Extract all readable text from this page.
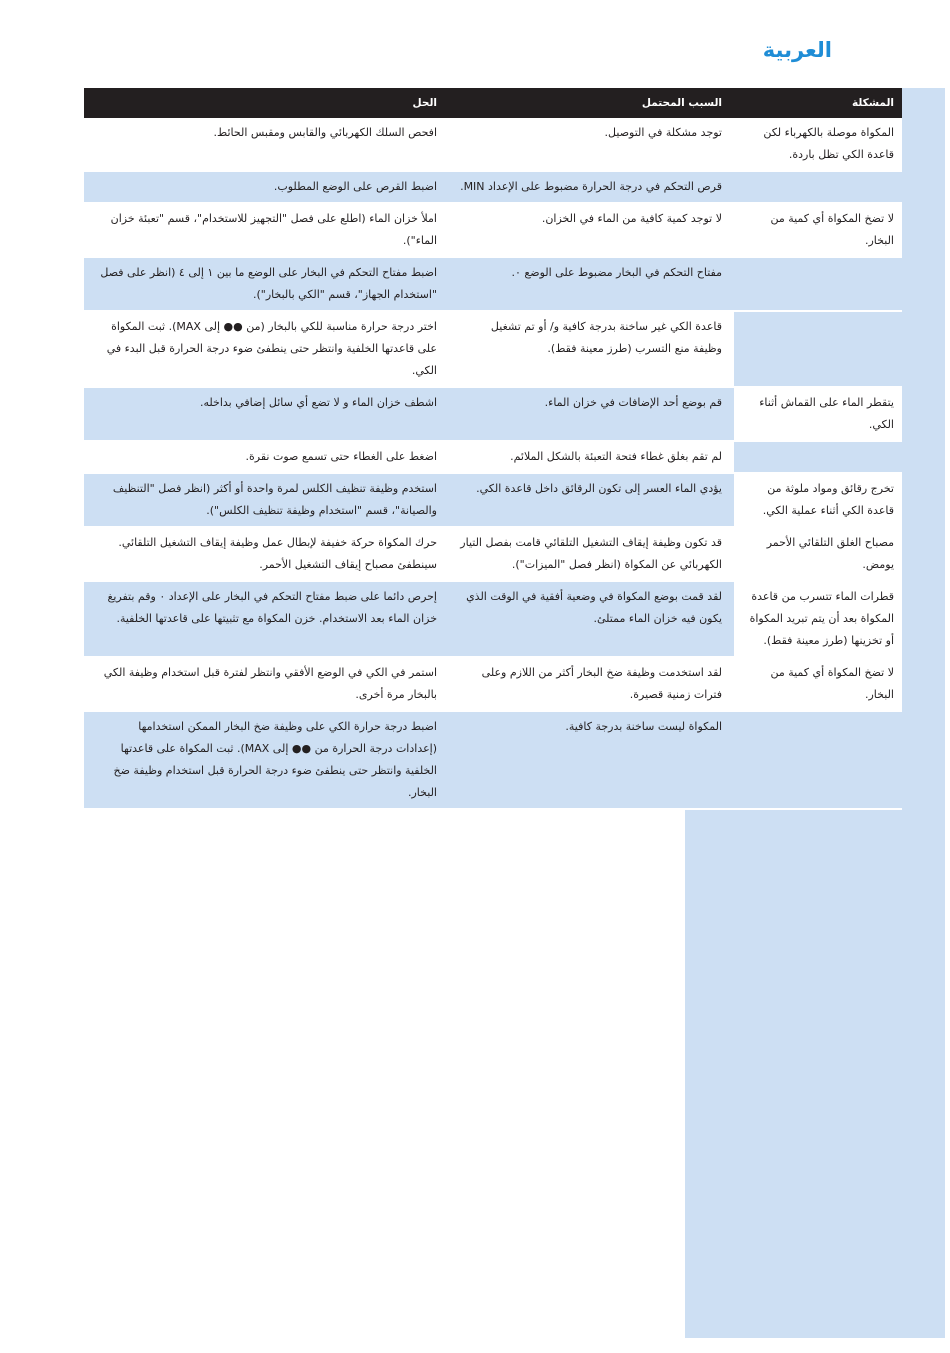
العربية
المشكلة
السبب المحتمل
الحل
المكواة موصلة بالكهرباء لكن قاعدة الكي تظل باردة.
توجد مشكلة في التوصيل.
افحص السلك الكهربائي والقابس ومقبس الحائط.
قرص التحكم في درجة الحرارة مضبوط على الإعداد MIN.
اضبط القرص على الوضع المطلوب.
لا تضخ المكواة أي كمية من البخار.
لا توجد كمية كافية من الماء في الخزان.
املأ خزان الماء (اطلع على فصل "التجهيز للاستخدام"، قسم "تعبئة خزان الماء").
مفتاح التحكم في البخار مضبوط على الوضع ٠.
اضبط مفتاح التحكم في البخار على الوضع ما بين ١ إلى ٤ (انظر على فصل "استخدام الجهاز"، قسم "الكي بالبخار").
قاعدة الكي غير ساخنة بدرجة كافية و/ أو تم تشغيل وظيفة منع التسرب (طرز معينة فقط).
اختر درجة حرارة مناسبة للكي بالبخار (من ●● إلى MAX). ثبت المكواة على قاعدتها الخلفية وانتظر حتى ينطفئ ضوء درجة الحرارة قبل البدء في الكي.
يتقطر الماء على القماش أثناء الكي.
قم بوضع أحد الإضافات في خزان الماء.
اشطف خزان الماء و لا تضع أي سائل إضافي بداخله.
لم تقم بغلق غطاء فتحة التعبئة بالشكل الملائم.
اضغط على الغطاء حتى تسمع صوت نقرة.
تخرج رقائق ومواد ملوثة من قاعدة الكي أثناء عملية الكي.
يؤدي الماء العسر إلى تكون الرقائق داخل قاعدة الكي.
استخدم وظيفة تنظيف الكلس لمرة واحدة أو أكثر (انظر فصل "التنظيف والصيانة"، قسم "استخدام وظيفة تنظيف الكلس").
مصباح الغلق التلقائي الأحمر يومض.
قد تكون وظيفة إيقاف التشغيل التلقائي قامت بفصل التيار الكهربائي عن المكواة (انظر فصل "الميزات").
حرك المكواة حركة خفيفة لإبطال عمل وظيفة إيقاف التشغيل التلقائي. سينطفئ مصباح إيقاف التشغيل الأحمر.
قطرات الماء تتسرب من قاعدة المكواة بعد أن يتم تبريد المكواة أو تخزينها (طرز معينة فقط).
لقد قمت بوضع المكواة في وضعية أفقية في الوقت الذي يكون فيه خزان الماء ممتلئ.
إحرص دائما على ضبط مفتاح التحكم في البخار على الإعداد ٠ وقم بتفريغ خزان الماء بعد الاستخدام. خزن المكواة مع تثبيتها على قاعدتها الخلفية.
لا تضخ المكواة أي كمية من البخار.
لقد استخدمت وظيفة ضخ البخار أكثر من اللازم وعلى فترات زمنية قصيرة.
استمر في الكي في الوضع الأفقي وانتظر لفترة قبل استخدام وظيفة الكي بالبخار مرة أخرى.
المكواة ليست ساخنة بدرجة كافية.
اضبط درجة حرارة الكي على وظيفة ضخ البخار الممكن استخدامها (إعدادات درجة الحرارة من ●● إلى MAX). ثبت المكواة على قاعدتها الخلفية وانتظر حتى ينطفئ ضوء درجة الحرارة قبل استخدام وظيفة ضخ البخار.
